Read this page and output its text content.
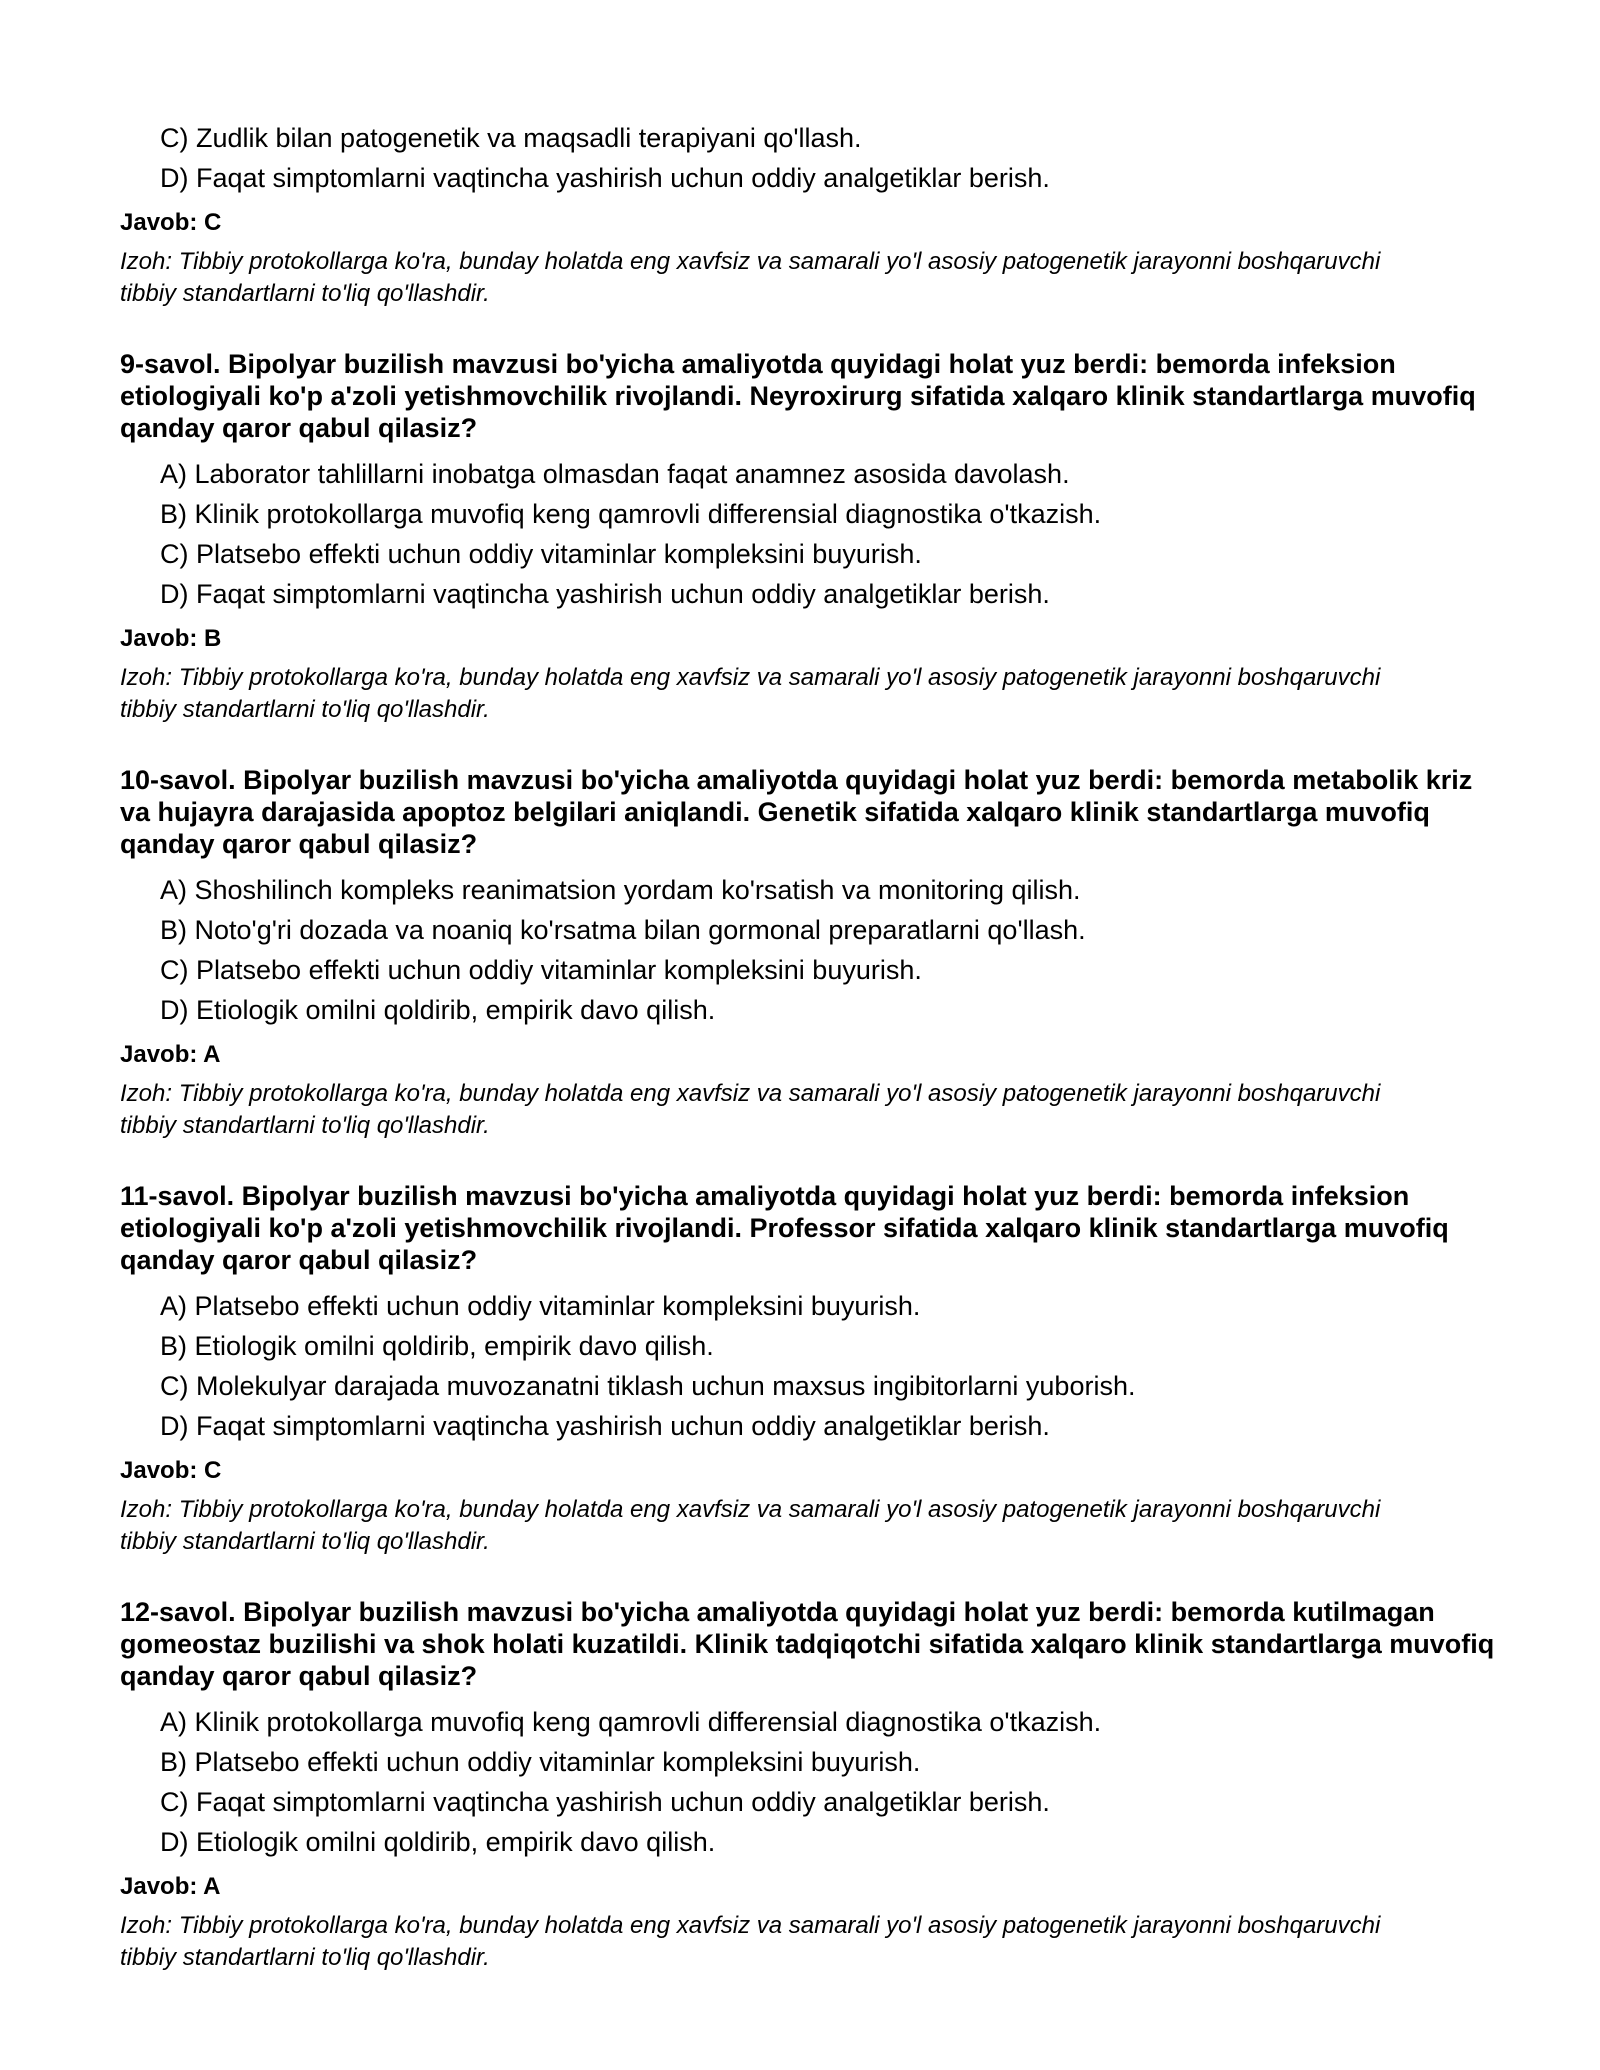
C) Zudlik bilan patogenetik va maqsadli terapiyani qo'llash.
D) Faqat simptomlarni vaqtincha yashirish uchun oddiy analgetiklar berish.
Javob: C
Izoh: Tibbiy protokollarga ko'ra, bunday holatda eng xavfsiz va samarali yo'l asosiy patogenetik jarayonni boshqaruvchi tibbiy standartlarni to'liq qo'llashdir.
9-savol. Bipolyar buzilish mavzusi bo'yicha amaliyotda quyidagi holat yuz berdi: bemorda infeksion etiologiyali ko'p a'zoli yetishmovchilik rivojlandi. Neyroxirurg sifatida xalqaro klinik standartlarga muvofiq qanday qaror qabul qilasiz?
A) Laborator tahlillarni inobatga olmasdan faqat anamnez asosida davolash.
B) Klinik protokollarga muvofiq keng qamrovli differensial diagnostika o'tkazish.
C) Platsebo effekti uchun oddiy vitaminlar kompleksini buyurish.
D) Faqat simptomlarni vaqtincha yashirish uchun oddiy analgetiklar berish.
Javob: B
Izoh: Tibbiy protokollarga ko'ra, bunday holatda eng xavfsiz va samarali yo'l asosiy patogenetik jarayonni boshqaruvchi tibbiy standartlarni to'liq qo'llashdir.
10-savol. Bipolyar buzilish mavzusi bo'yicha amaliyotda quyidagi holat yuz berdi: bemorda metabolik kriz va hujayra darajasida apoptoz belgilari aniqlandi. Genetik sifatida xalqaro klinik standartlarga muvofiq qanday qaror qabul qilasiz?
A) Shoshilinch kompleks reanimatsion yordam ko'rsatish va monitoring qilish.
B) Noto'g'ri dozada va noaniq ko'rsatma bilan gormonal preparatlarni qo'llash.
C) Platsebo effekti uchun oddiy vitaminlar kompleksini buyurish.
D) Etiologik omilni qoldirib, empirik davo qilish.
Javob: A
Izoh: Tibbiy protokollarga ko'ra, bunday holatda eng xavfsiz va samarali yo'l asosiy patogenetik jarayonni boshqaruvchi tibbiy standartlarni to'liq qo'llashdir.
11-savol. Bipolyar buzilish mavzusi bo'yicha amaliyotda quyidagi holat yuz berdi: bemorda infeksion etiologiyali ko'p a'zoli yetishmovchilik rivojlandi. Professor sifatida xalqaro klinik standartlarga muvofiq qanday qaror qabul qilasiz?
A) Platsebo effekti uchun oddiy vitaminlar kompleksini buyurish.
B) Etiologik omilni qoldirib, empirik davo qilish.
C) Molekulyar darajada muvozanatni tiklash uchun maxsus ingibitorlarni yuborish.
D) Faqat simptomlarni vaqtincha yashirish uchun oddiy analgetiklar berish.
Javob: C
Izoh: Tibbiy protokollarga ko'ra, bunday holatda eng xavfsiz va samarali yo'l asosiy patogenetik jarayonni boshqaruvchi tibbiy standartlarni to'liq qo'llashdir.
12-savol. Bipolyar buzilish mavzusi bo'yicha amaliyotda quyidagi holat yuz berdi: bemorda kutilmagan gomeostaz buzilishi va shok holati kuzatildi. Klinik tadqiqotchi sifatida xalqaro klinik standartlarga muvofiq qanday qaror qabul qilasiz?
A) Klinik protokollarga muvofiq keng qamrovli differensial diagnostika o'tkazish.
B) Platsebo effekti uchun oddiy vitaminlar kompleksini buyurish.
C) Faqat simptomlarni vaqtincha yashirish uchun oddiy analgetiklar berish.
D) Etiologik omilni qoldirib, empirik davo qilish.
Javob: A
Izoh: Tibbiy protokollarga ko'ra, bunday holatda eng xavfsiz va samarali yo'l asosiy patogenetik jarayonni boshqaruvchi tibbiy standartlarni to'liq qo'llashdir.
